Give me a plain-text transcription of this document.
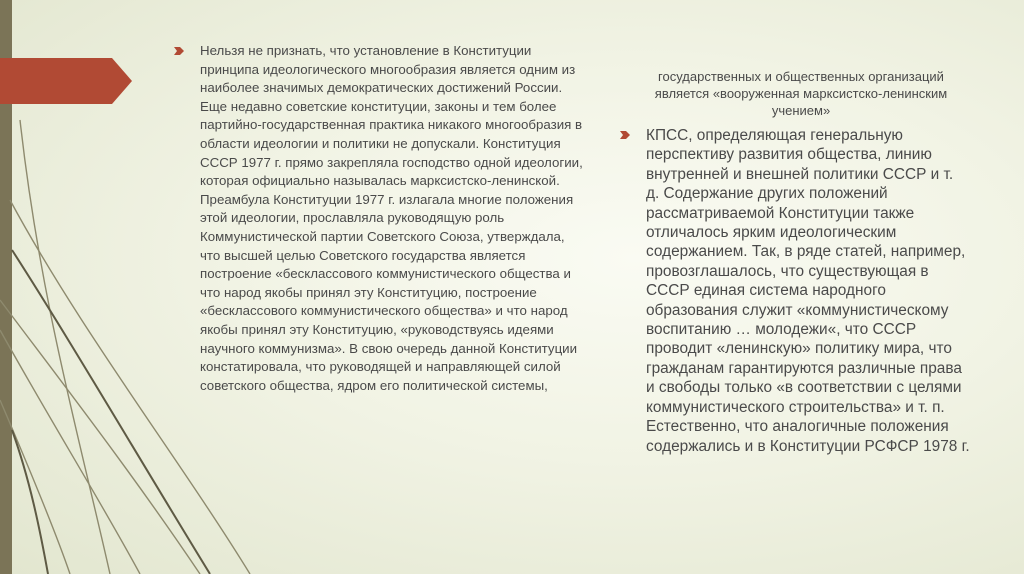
Нельзя не признать, что установление в Конституции принципа идеологического многообразия является одним из наиболее значимых демократических достижений России. Еще недавно советские конституции, законы и тем более партийно-государственная практика никакого многообразия в области идеологии и политики не допускали. Конституция СССР 1977 г. прямо закрепляла господство одной идеологии, которая официально называлась марксистско-ленинской. Преамбула Конституции 1977 г. излагала многие положения этой идеологии, прославляла руководящую роль Коммунистической партии Советского Союза, утверждала, что высшей целью Советского государства является построение «бесклассового коммунистического общества и что народ якобы принял эту Конституцию, построение «бесклассового коммунистического общества» и что народ якобы принял эту Конституцию, «руководствуясь идеями научного коммунизма». В свою очередь данной Конституции констатировала, что руководящей и направляющей силой советского общества, ядром его политической системы,
государственных и общественных организаций является «вооруженная марксистско-ленинским учением»
КПСС, определяющая генеральную перспективу развития общества, линию внутренней и внешней политики СССР и т. д. Содержание других положений рассматриваемой Конституции также отличалось ярким идеологическим содержанием. Так, в ряде статей, например, провозглашалось, что существующая в СССР единая система народного образования служит «коммунистическому воспитанию … молодежи«, что СССР проводит «ленинскую» политику мира, что гражданам гарантируются различные права и свободы только «в соответствии с целями коммунистического строительства» и т. п. Естественно, что аналогичные положения содержались и в Конституции РСФСР 1978 г.
